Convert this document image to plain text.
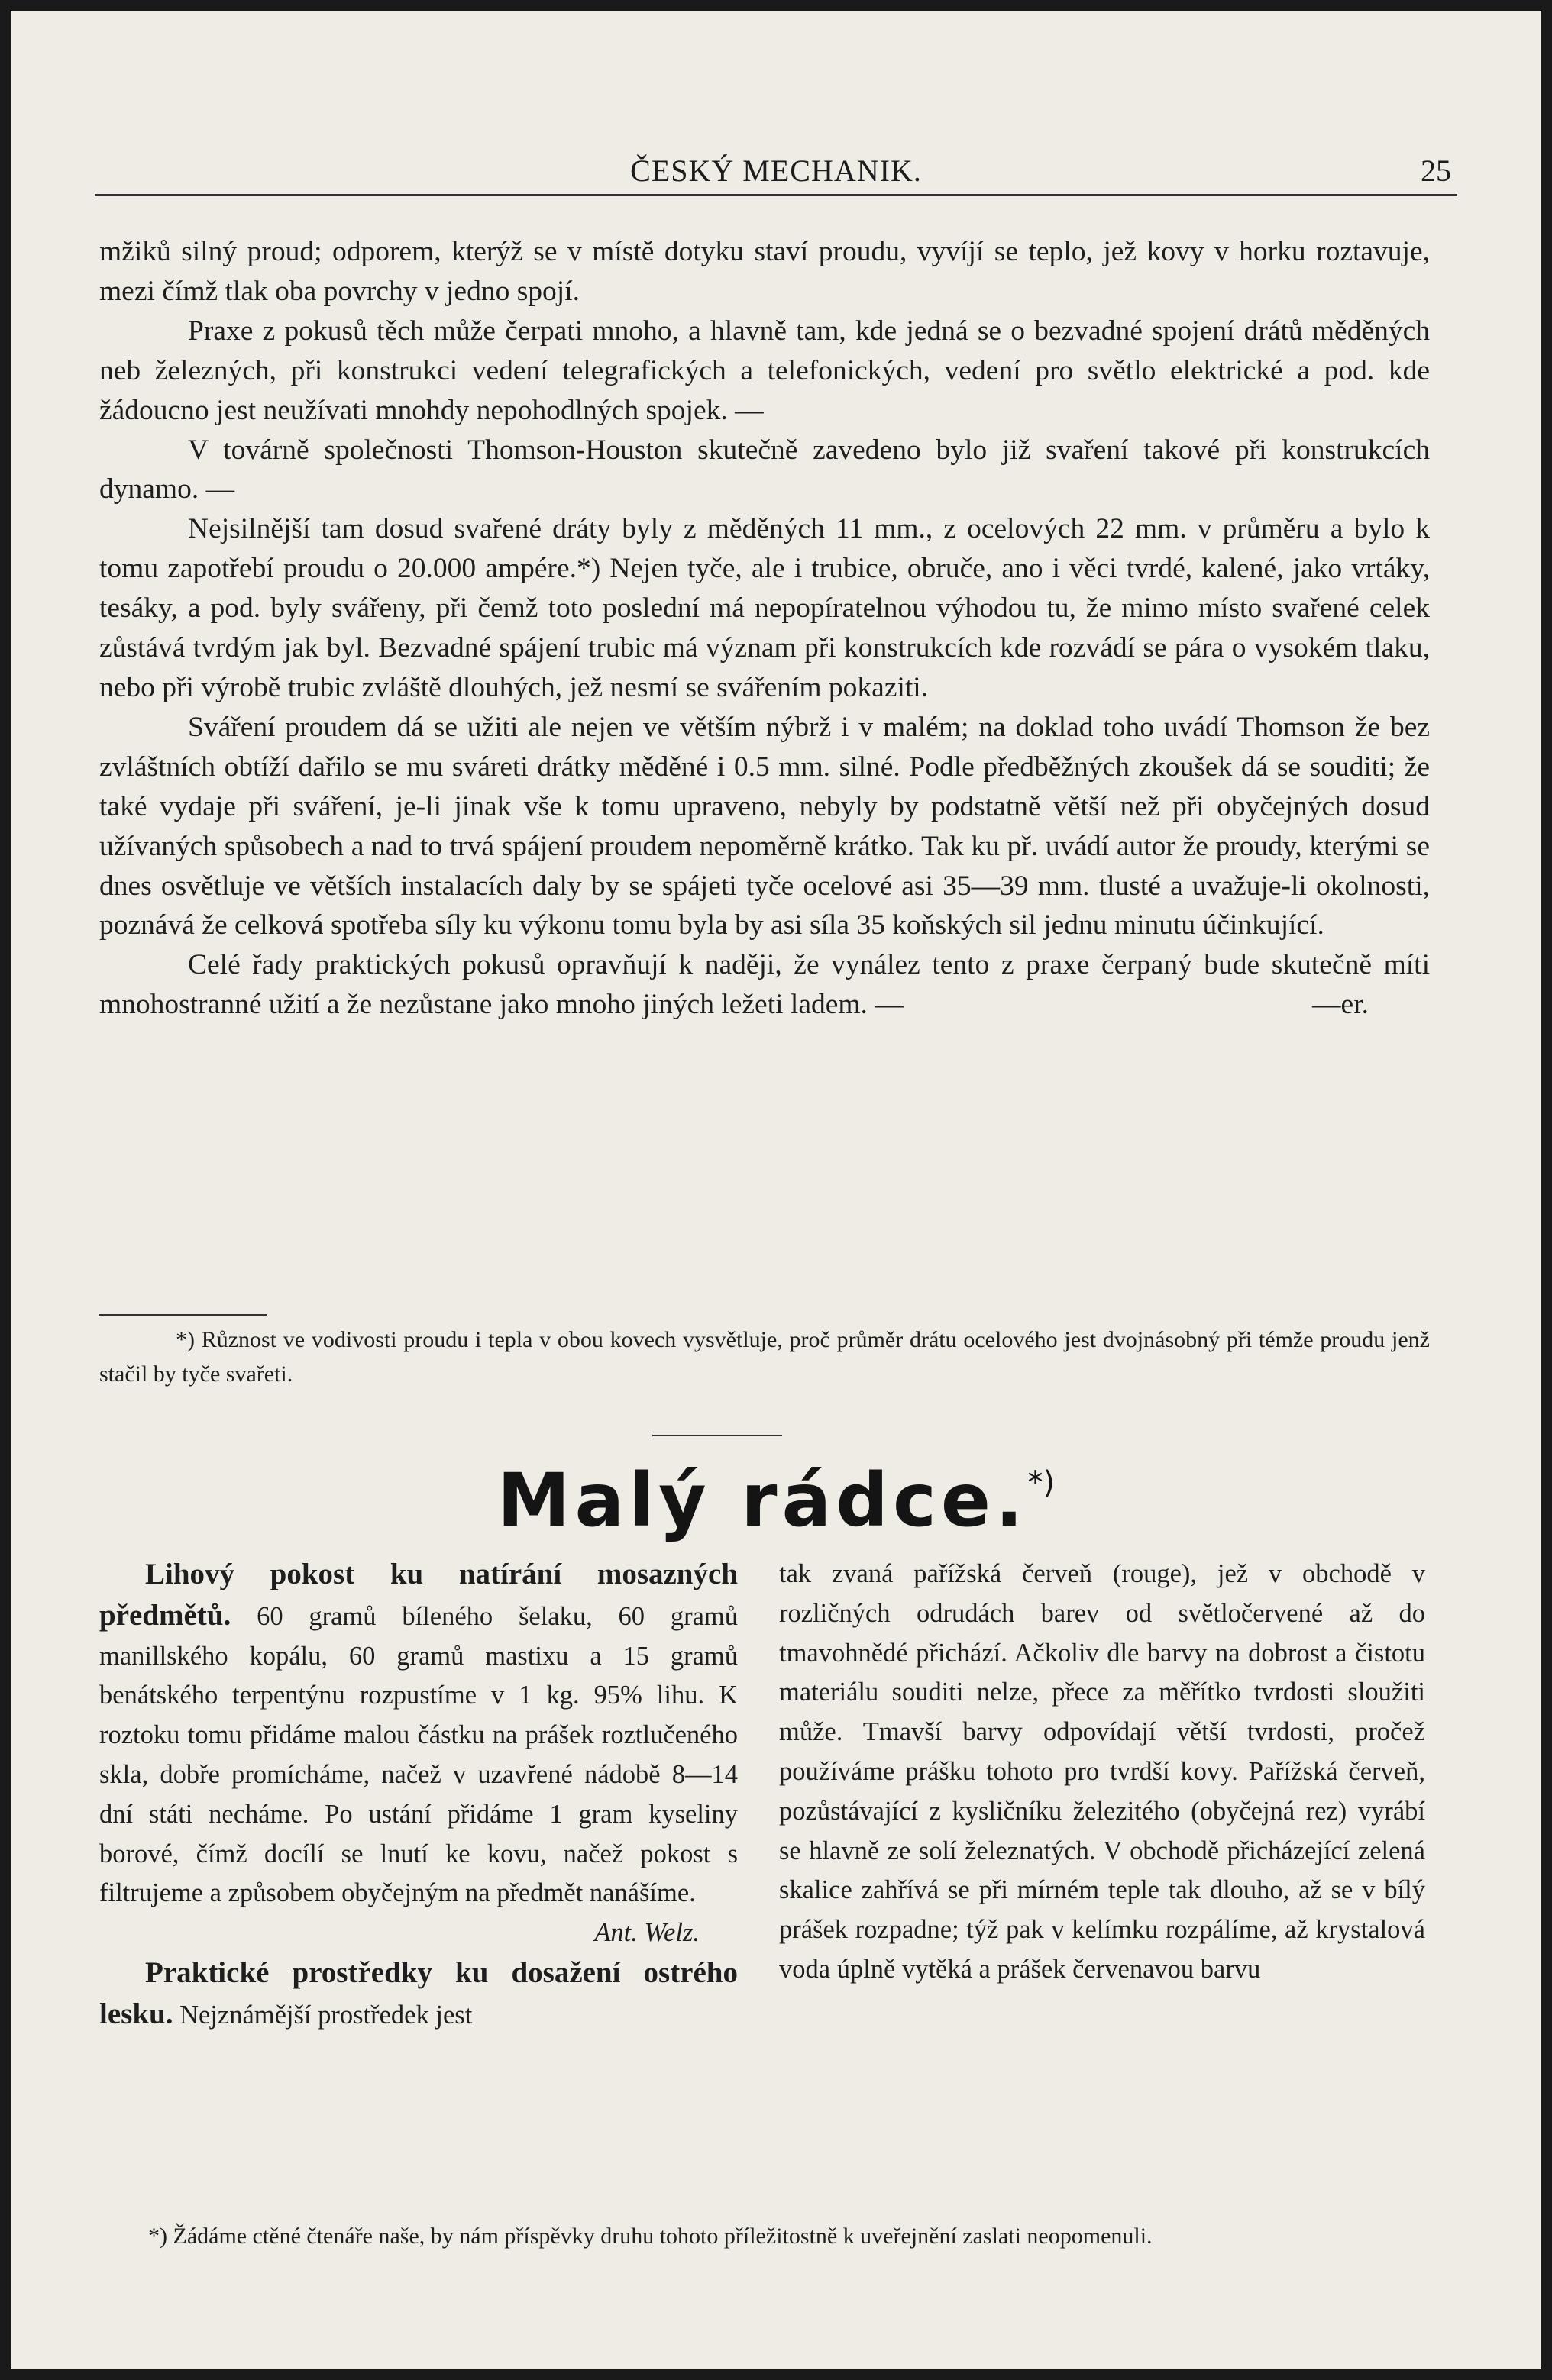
ČESKÝ MECHANIK.	25

mžiků silný proud; odporem, kterýž se v místě dotyku staví proudu, vyvíjí se teplo, jež kovy v horku roztavuje, mezi čímž tlak oba povrchy v jedno spojí.

Praxe z pokusů těch může čerpati mnoho, a hlavně tam, kde jedná se o bezvadné spojení drátů měděných neb železných, při konstrukci vedení telegrafických a telefonických, vedení pro světlo elektrické a pod. kde žádoucno jest neužívati mnohdy nepohodlných spojek. —

V továrně společnosti Thomson-Houston skutečně zavedeno bylo již svaření takové při konstrukcích dynamo. —

Nejsilnější tam dosud svařené dráty byly z měděných 11 mm., z ocelových 22 mm. v průměru a bylo k tomu zapotřebí proudu o 20.000 ampére.*) Nejen tyče, ale i trubice, obruče, ano i věci tvrdé, kalené, jako vrtáky, tesáky, a pod. byly svářeny, při čemž toto poslední má nepopíratelnou výhodou tu, že mimo místo svařené celek zůstává tvrdým jak byl. Bezvadné spájení trubic má význam při konstrukcích kde rozvádí se pára o vysokém tlaku, nebo při výrobě trubic zvláště dlouhých, jež nesmí se svářením pokaziti.

Sváření proudem dá se užiti ale nejen ve větším nýbrž i v malém; na doklad toho uvádí Thomson že bez zvláštních obtíží dařilo se mu sváreti drátky měděné i 0.5 mm. silné. Podle předběžných zkoušek dá se souditi; že také vydaje při sváření, je-li jinak vše k tomu upraveno, nebyly by podstatně větší než při obyčejných dosud užívaných spůsobech a nad to trvá spájení proudem nepoměrně krátko. Tak ku př. uvádí autor že proudy, kterými se dnes osvětluje ve větších instalacích daly by se spájeti tyče ocelové asi 35—39 mm. tlusté a uvažuje-li okolnosti, poznává že celková spotřeba síly ku výkonu tomu byla by asi síla 35 koňských sil jednu minutu účinkující.

Celé řady praktických pokusů opravňují k naději, že vynález tento z praxe čerpaný bude skutečně míti mnohostranné užití a že nezůstane jako mnoho jiných ležeti ladem. —	—er.

*) Různost ve vodivosti proudu i tepla v obou kovech vysvětluje, proč průměr drátu ocelového jest dvojnásobný při témže proudu jenž stačil by tyče svařeti.
Malý rádce.*)

Lihový pokost ku natírání mosazných předmětů. 60 gramů bíleného šelaku, 60 gramů manillského kopálu, 60 gramů mastixu a 15 gramů benátského terpentýnu rozpustíme v 1 kg. 95% lihu. K roztoku tomu přidáme malou částku na prášek roztlučeného skla, dobře promícháme, načež v uzavřené nádobě 8—14 dní státi necháme. Po ustání přidáme 1 gram kyseliny borové, čímž docílí se lnutí ke kovu, načež pokost s filtrujeme a způsobem obyčejným na předmět nanášíme.

Ant. Welz.

Praktické prostředky ku dosažení ostrého lesku. Nejznámější prostředek jest

tak zvaná pařížská červeň (rouge), jež v obchodě v rozličných odrudách barev od světločervené až do tmavohnědé přichází. Ačkoliv dle barvy na dobrost a čistotu materiálu souditi nelze, přece za měřítko tvrdosti sloužiti může. Tmavší barvy odpovídají větší tvrdosti, pročež používáme prášku tohoto pro tvrdší kovy. Pařížská červeň, pozůstávající z kysličníku železitého (obyčejná rez) vyrábí se hlavně ze solí železnatých. V obchodě přicházející zelená skalice zahřívá se při mírném teple tak dlouho, až se v bílý prášek rozpadne; týž pak v kelímku rozpálíme, až krystalová voda úplně vytěká a prášek červenavou barvu

*) Žádáme ctěné čtenáře naše, by nám příspěvky druhu tohoto příležitostně k uveřejnění zaslati neopomenuli.
